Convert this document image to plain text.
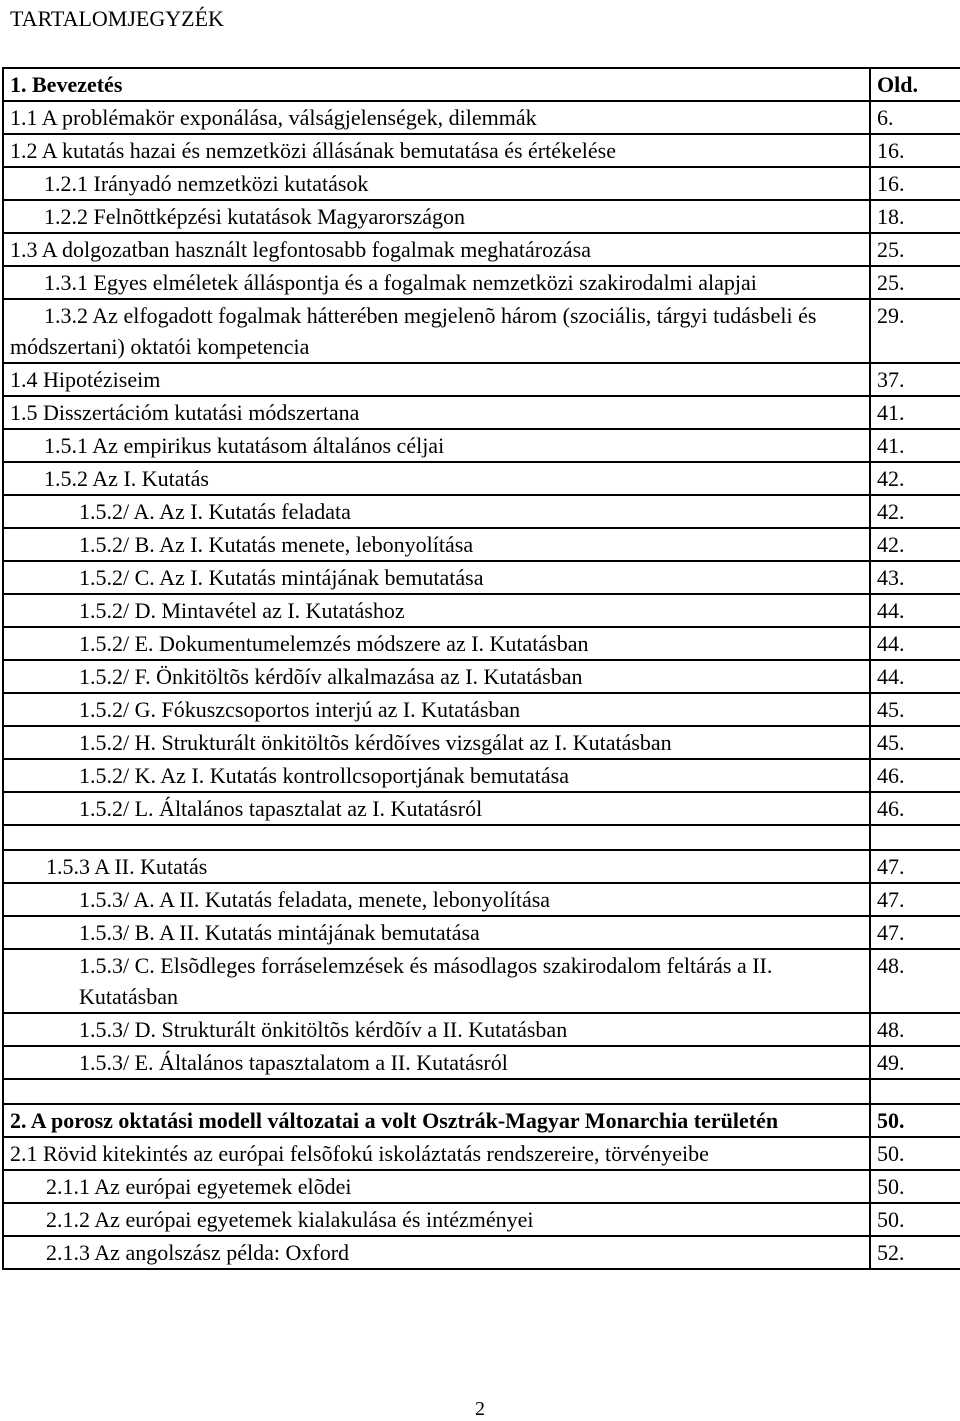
TARTALOMJEGYZÉK
1. Bevezetés	Old.
1.1 A problémakör exponálása, válságjelenségek, dilemmák	6.
1.2 A kutatás hazai és nemzetközi állásának bemutatása és értékelése	16.
1.2.1 Irányadó nemzetközi kutatások	16.
1.2.2 Felnõttképzési kutatások Magyarországon	18.
1.3 A dolgozatban használt legfontosabb fogalmak meghatározása	25.
1.3.1 Egyes elméletek álláspontja és a fogalmak nemzetközi szakirodalmi alapjai	25.
1.3.2 Az elfogadott fogalmak hátterében megjelenõ három (szociális, tárgyi tudásbeli és módszertani) oktatói kompetencia	29.
1.4 Hipotéziseim	37.
1.5 Disszertációm kutatási módszertana	41.
1.5.1 Az empirikus kutatásom általános céljai	41.
1.5.2 Az I. Kutatás	42.
1.5.2/ A. Az I. Kutatás feladata	42.
1.5.2/ B. Az I. Kutatás menete, lebonyolítása	42.
1.5.2/ C. Az I. Kutatás mintájának bemutatása	43.
1.5.2/ D. Mintavétel az I. Kutatáshoz	44.
1.5.2/ E. Dokumentumelemzés módszere az I. Kutatásban	44.
1.5.2/ F. Önkitöltõs kérdõív alkalmazása az I. Kutatásban	44.
1.5.2/ G. Fókuszcsoportos interjú az I. Kutatásban	45.
1.5.2/ H. Strukturált önkitöltõs kérdõíves vizsgálat az I. Kutatásban	45.
1.5.2/ K. Az I. Kutatás kontrollcsoportjának bemutatása	46.
1.5.2/ L. Általános tapasztalat az I. Kutatásról	46.

1.5.3 A II. Kutatás	47.
1.5.3/ A. A II. Kutatás feladata, menete, lebonyolítása	47.
1.5.3/ B. A II. Kutatás mintájának bemutatása	47.
1.5.3/ C. Elsõdleges forráselemzések és másodlagos szakirodalom feltárás a II. Kutatásban	48.
1.5.3/ D. Strukturált önkitöltõs kérdõív a II. Kutatásban	48.
1.5.3/ E. Általános tapasztalatom a II. Kutatásról	49.

2. A porosz oktatási modell változatai a volt Osztrák-Magyar Monarchia területén	50.
2.1 Rövid kitekintés az európai felsõfokú iskoláztatás rendszereire, törvényeibe	50.
2.1.1 Az európai egyetemek elõdei	50.
2.1.2 Az európai egyetemek kialakulása és intézményei	50.
2.1.3 Az angolszász példa: Oxford	52.
2
